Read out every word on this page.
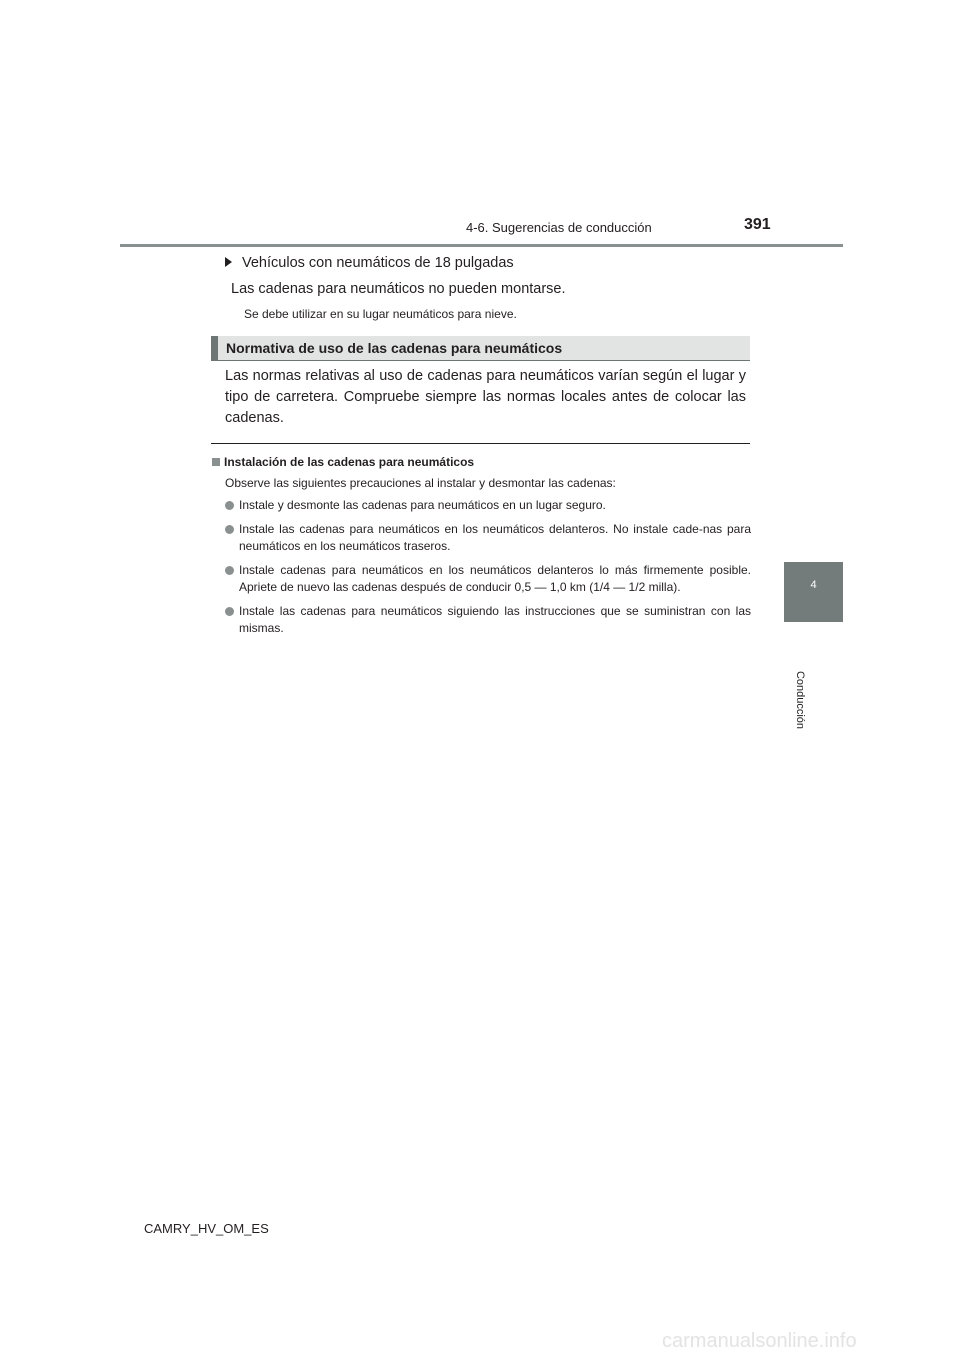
4-6. Sugerencias de conducción	391
4
Conducción
Vehículos con neumáticos de 18 pulgadas
Las cadenas para neumáticos no pueden montarse.
Se debe utilizar en su lugar neumáticos para nieve.
Normativa de uso de las cadenas para neumáticos
Las normas relativas al uso de cadenas para neumáticos varían según el lugar y tipo de carretera. Compruebe siempre las normas locales antes de colocar las cadenas.
Instalación de las cadenas para neumáticos
Observe las siguientes precauciones al instalar y desmontar las cadenas:
Instale y desmonte las cadenas para neumáticos en un lugar seguro.
Instale las cadenas para neumáticos en los neumáticos delanteros. No instale cade-nas para neumáticos en los neumáticos traseros.
Instale cadenas para neumáticos en los neumáticos delanteros lo más firmemente posible. Apriete de nuevo las cadenas después de conducir 0,5 — 1,0 km (1/4 — 1/2 milla).
Instale las cadenas para neumáticos siguiendo las instrucciones que se suministran con las mismas.
CAMRY_HV_OM_ES
carmanualsonline.info
